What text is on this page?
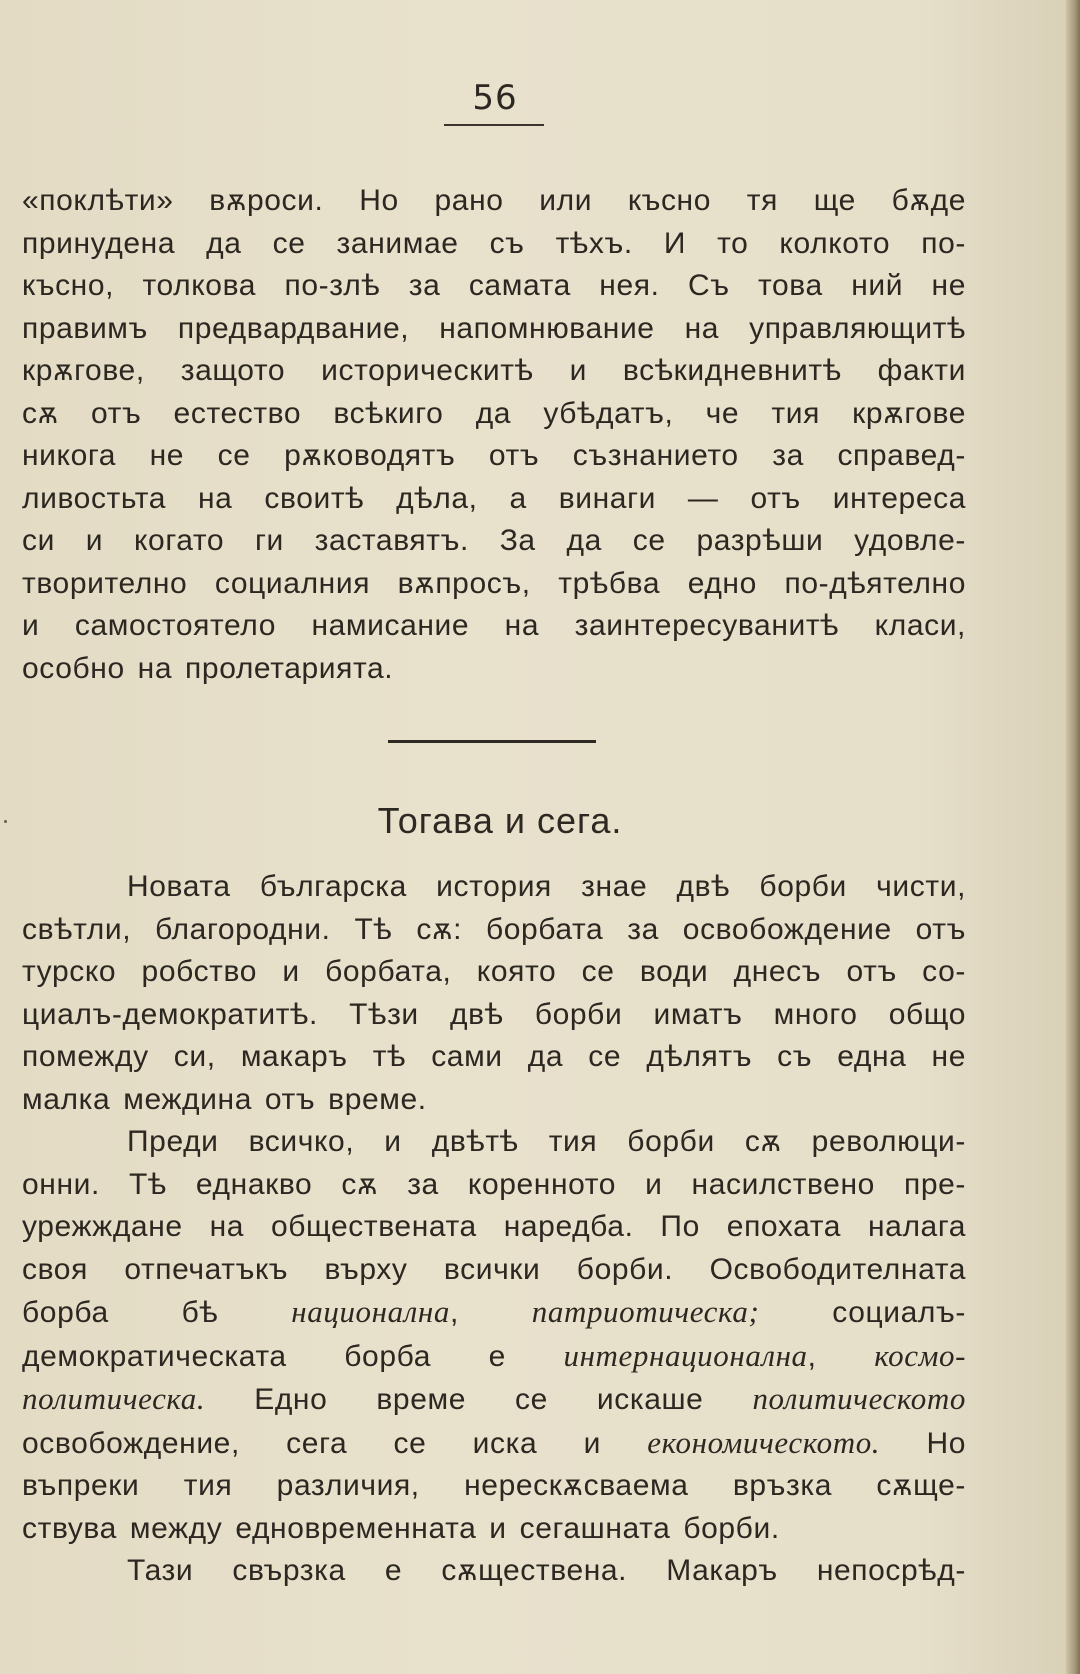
56

«поклѣти» вѫроси. Но рано или късно тя ще бѫде
принудена да се занимае съ тѣхъ. И то колкото по-
късно, толкова по-злѣ за самата нея. Съ това ний не
правимъ предвардвание, напомнювание на управляющитѣ
крѫгове, защото историческитѣ и всѣкидневнитѣ факти
сѫ отъ естество всѣкиго да убѣдатъ, че тия крѫгове
никога не се рѫководятъ отъ съзнанието за справед-
ливостьта на своитѣ дѣла, а винаги — отъ интереса
си и когато ги заставятъ. За да се разрѣши удовле-
творително социалния вѫпросъ, трѣбва едно по-дѣятелно
и самостоятело намисание на заинтересуванитѣ класи,
особно на пролетарията.

Тогава и сега.

Новата българска история знае двѣ борби чисти,
свѣтли, благородни. Тѣ сѫ: борбата за освобождение отъ
турско робство и борбата, която се води днесъ отъ со-
циалъ-демократитѣ. Тѣзи двѣ борби иматъ много общо
помежду си, макаръ тѣ сами да се дѣлятъ съ една не
малка междина отъ време.

Преди всичко, и двѣтѣ тия борби сѫ революци-
онни. Тѣ еднакво сѫ за коренното и насилствено пре-
урежждане на обществената наредба. По епохата налага
своя отпечатъкъ върху всички борби. Освободителната
борба бѣ национална, патриотическа; социалъ-
демократическата борба е интернационална, космо-
политическа. Едно време се искаше политическото
освобождение, сега се иска и економическото. Но
въпреки тия различия, нерескѫсваема връзка сѫще-
ствува между едновременната и сегашната борби.

Тази свързка е сѫществена. Макаръ непосрѣд-
